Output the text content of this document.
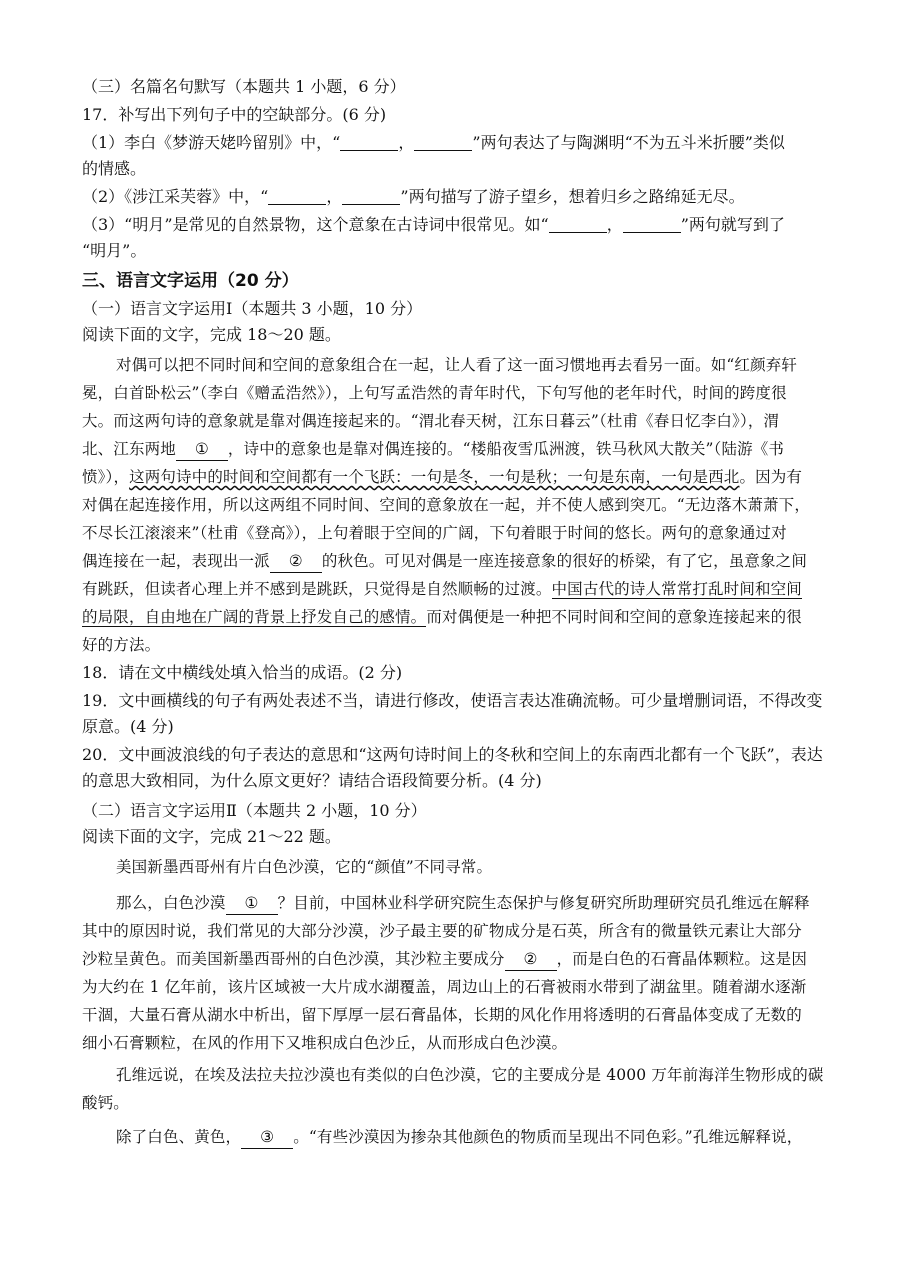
（三）名篇名句默写（本题共 1 小题，6 分）
17．补写出下列句子中的空缺部分。(6 分)
（1）李白《梦游天姥吟留别》中，“	，	”两句表达了与陶渊明“不为五斗米折腰”类似
的情感。
（2）《涉江采芙蓉》中，“	，	”两句描写了游子望乡，想着归乡之路绵延无尽。
（3）“明月”是常见的自然景物，这个意象在古诗词中很常见。如“	，	”两句就写到了
“明月”。
三、语言文字运用（20 分）
（一）语言文字运用Ⅰ（本题共 3 小题，10 分）
阅读下面的文字，完成 18～20 题。
对偶可以把不同时间和空间的意象组合在一起，让人看了这一面习惯地再去看另一面。如“红颜弃轩
冕，白首卧松云”（李白《赠孟浩然》），上句写孟浩然的青年时代，下句写他的老年时代，时间的跨度很
大。而这两句诗的意象就是靠对偶连接起来的。“渭北春天树，江东日暮云”（杜甫《春日忆李白》），渭
北、江东两地 ① ，诗中的意象也是靠对偶连接的。“楼船夜雪瓜洲渡，铁马秋风大散关”（陆游《书
愤》），这两句诗中的时间和空间都有一个飞跃：一句是冬，一句是秋；一句是东南，一句是西北。因为有
对偶在起连接作用，所以这两组不同时间、空间的意象放在一起，并不使人感到突兀。“无边落木萧萧下，
不尽长江滚滚来”（杜甫《登高》），上句着眼于空间的广阔，下句着眼于时间的悠长。两句的意象通过对
偶连接在一起，表现出一派 ② 的秋色。可见对偶是一座连接意象的很好的桥梁，有了它，虽意象之间
有跳跃，但读者心理上并不感到是跳跃，只觉得是自然顺畅的过渡。中国古代的诗人常常打乱时间和空间
的局限，自由地在广阔的背景上抒发自己的感情。而对偶便是一种把不同时间和空间的意象连接起来的很
好的方法。
18．请在文中横线处填入恰当的成语。(2 分)
19．文中画横线的句子有两处表述不当，请进行修改，使语言表达准确流畅。可少量增删词语，不得改变
原意。(4 分)
20．文中画波浪线的句子表达的意思和“这两句诗时间上的冬秋和空间上的东南西北都有一个飞跃”，表达
的意思大致相同，为什么原文更好？请结合语段简要分析。(4 分)
（二）语言文字运用Ⅱ（本题共 2 小题，10 分）
阅读下面的文字，完成 21～22 题。
美国新墨西哥州有片白色沙漠，它的“颜值”不同寻常。
那么，白色沙漠 ① ？目前，中国林业科学研究院生态保护与修复研究所助理研究员孔维远在解释
其中的原因时说，我们常见的大部分沙漠，沙子最主要的矿物成分是石英，所含有的微量铁元素让大部分
沙粒呈黄色。而美国新墨西哥州的白色沙漠，其沙粒主要成分 ② ，而是白色的石膏晶体颗粒。这是因
为大约在 1 亿年前，该片区域被一大片成水湖覆盖，周边山上的石膏被雨水带到了湖盆里。随着湖水逐渐
干涸，大量石膏从湖水中析出，留下厚厚一层石膏晶体，长期的风化作用将透明的石膏晶体变成了无数的
细小石膏颗粒，在风的作用下又堆积成白色沙丘，从而形成白色沙漠。
孔维远说，在埃及法拉夫拉沙漠也有类似的白色沙漠，它的主要成分是 4000 万年前海洋生物形成的碳
酸钙。
除了白色、黄色， ③ 。“有些沙漠因为掺杂其他颜色的物质而呈现出不同色彩。”孔维远解释说，
